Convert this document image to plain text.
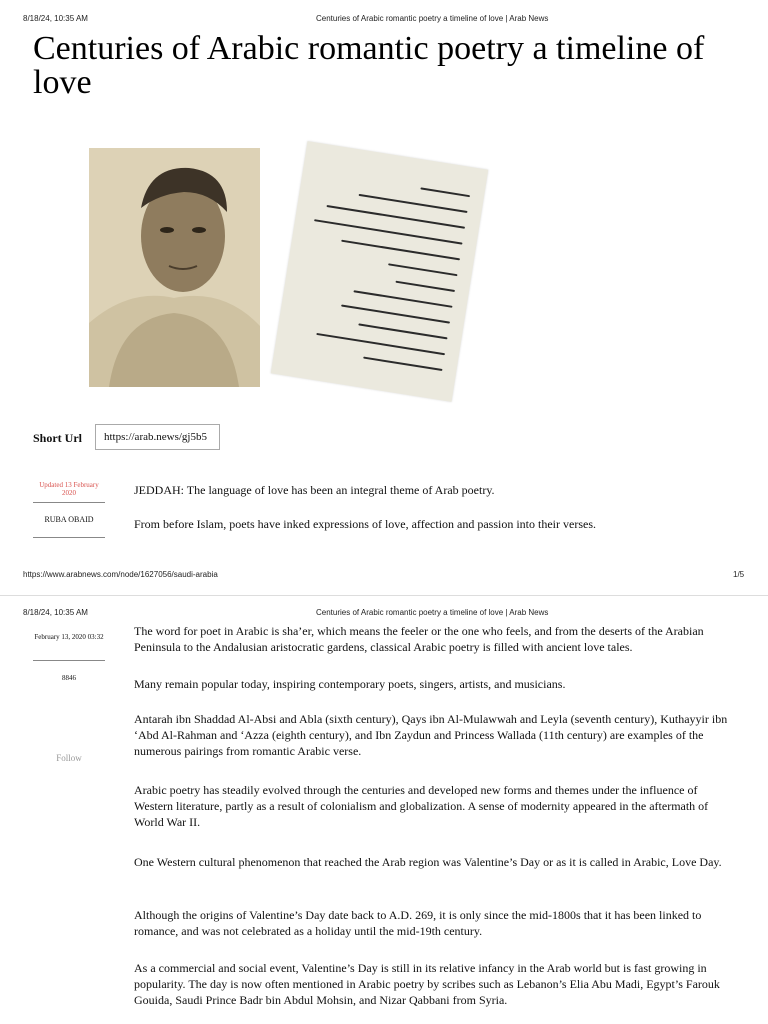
8/18/24, 10:35 AM	Centuries of Arabic romantic poetry a timeline of love | Arab News
Centuries of Arabic romantic poetry a timeline of love
Short Url	https://arab.news/gj5b5
Updated 13 February 2020
RUBA OBAID

JEDDAH: The language of love has been an integral theme of Arab poetry.

From before Islam, poets have inked expressions of love, affection and passion into their verses.

https://www.arabnews.com/node/1627056/saudi-arabia	1/5
8/18/24, 10:35 AM	Centuries of Arabic romantic poetry a timeline of love | Arab News
February 13, 2020 03:32
8846
Follow

The word for poet in Arabic is sha’er, which means the feeler or the one who feels, and from the deserts of the Arabian Peninsula to the Andalusian aristocratic gardens, classical Arabic poetry is filled with ancient love tales.

Many remain popular today, inspiring contemporary poets, singers, artists, and musicians.

Antarah ibn Shaddad Al-Absi and Abla (sixth century), Qays ibn Al-Mulawwah and Leyla (seventh century), Kuthayyir ibn ‘Abd Al-Rahman and ‘Azza (eighth century), and Ibn Zaydun and Princess Wallada (11th century) are examples of the numerous pairings from romantic Arabic verse.

Arabic poetry has steadily evolved through the centuries and developed new forms and themes under the influence of Western literature, partly as a result of colonialism and globalization. A sense of modernity appeared in the aftermath of World War II.

One Western cultural phenomenon that reached the Arab region was Valentine’s Day or as it is called in Arabic, Love Day.

Although the origins of Valentine’s Day date back to A.D. 269, it is only since the mid-1800s that it has been linked to romance, and was not celebrated as a holiday until the mid-19th century.

As a commercial and social event, Valentine’s Day is still in its relative infancy in the Arab world but is fast growing in popularity. The day is now often mentioned in Arabic poetry by scribes such as Lebanon’s Elia Abu Madi, Egypt’s Farouk Gouida, Saudi Prince Badr bin Abdul Mohsin, and Nizar Qabbani from Syria.
